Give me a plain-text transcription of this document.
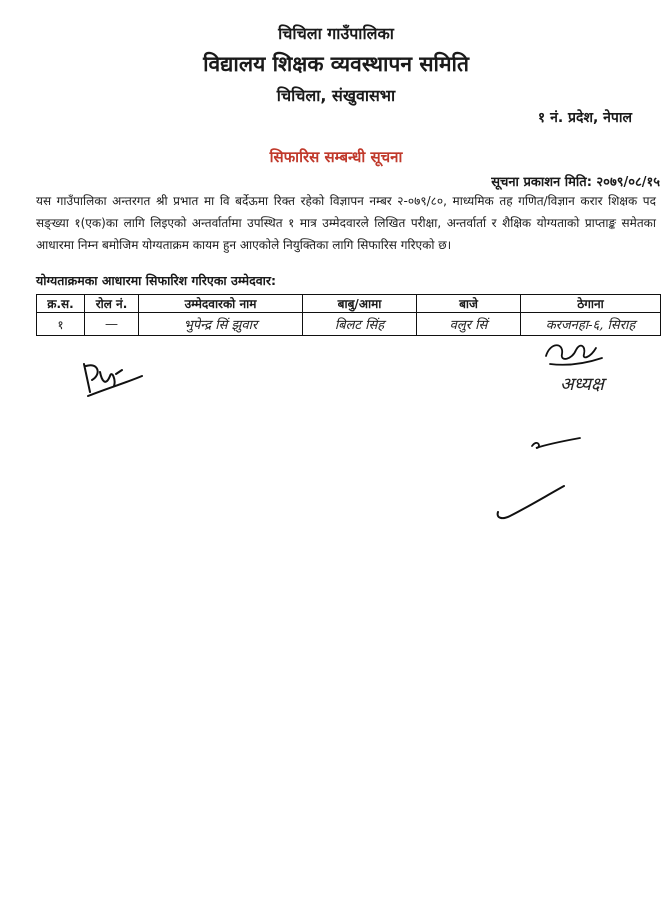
चिचिला गाउँपालिका
विद्यालय शिक्षक व्यवस्थापन समिति
चिचिला, संखुवासभा
१ नं. प्रदेश, नेपाल
सिफारिस सम्बन्धी सूचना
सूचना प्रकाशन मिति: २०७९/०८/१५
यस गाउँपालिका अन्तरगत श्री प्रभात मा वि बर्देऊमा रिक्त रहेको विज्ञापन नम्बर २-०७९/८०, माध्यमिक तह गणित/विज्ञान करार शिक्षक पद सङ्ख्या १(एक)का लागि लिइएको अन्तर्वार्तामा उपस्थित १ मात्र उम्मेदवारले लिखित परीक्षा, अन्तर्वार्ता र शैक्षिक योग्यताको प्राप्ताङ्क समेतका आधारमा निम्न बमोजिम योग्यताक्रम कायम हुन आएकोले नियुक्तिका लागि सिफारिस गरिएको छ।
योग्यताक्रमका आधारमा सिफारिश गरिएका उम्मेदवार:
क्र.स.	रोल नं.	उम्मेदवारको नाम	बाबु/आमा	बाजे	ठेगाना
१	—	भुपेन्द्र सिं झुवार	बिलट सिंह	वलुर सिं	करजनहा-६, सिराह
अध्यक्ष
